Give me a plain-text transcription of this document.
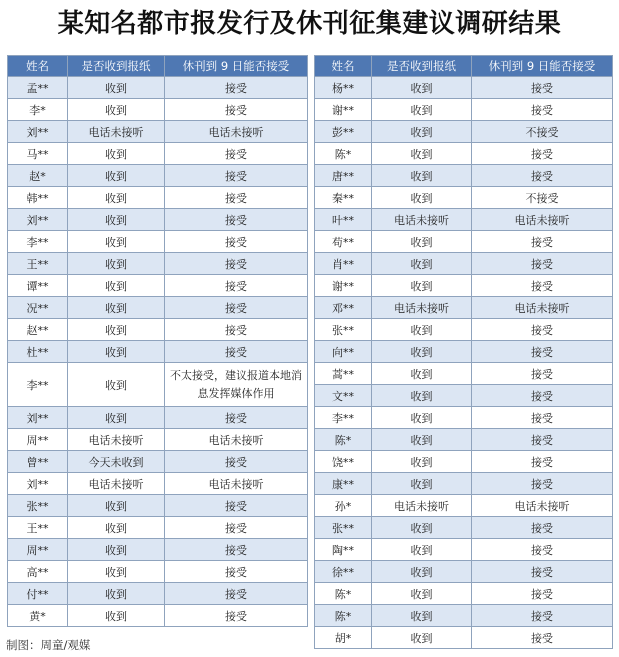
某知名都市报发行及休刊征集建议调研结果
姓名	是否收到报纸	休刊到 9 日能否接受
孟**	收到	接受
李*	收到	接受
刘**	电话未接听	电话未接听
马**	收到	接受
赵*	收到	接受
韩**	收到	接受
刘**	收到	接受
李**	收到	接受
王**	收到	接受
谭**	收到	接受
况**	收到	接受
赵**	收到	接受
杜**	收到	接受
李**	收到	不太接受，建议报道本地消息发挥媒体作用
刘**	收到	接受
周**	电话未接听	电话未接听
曾**	今天未收到	接受
刘**	电话未接听	电话未接听
张**	收到	接受
王**	收到	接受
周**	收到	接受
高**	收到	接受
付**	收到	接受
黄*	收到	接受
姓名	是否收到报纸	休刊到 9 日能否接受
杨**	收到	接受
谢**	收到	接受
彭**	收到	不接受
陈*	收到	接受
唐**	收到	接受
秦**	收到	不接受
叶**	电话未接听	电话未接听
苟**	收到	接受
肖**	收到	接受
谢**	收到	接受
邓**	电话未接听	电话未接听
张**	收到	接受
向**	收到	接受
蒿**	收到	接受
文**	收到	接受
李**	收到	接受
陈*	收到	接受
饶**	收到	接受
康**	收到	接受
孙*	电话未接听	电话未接听
张**	收到	接受
陶**	收到	接受
徐**	收到	接受
陈*	收到	接受
陈*	收到	接受
胡*	收到	接受
制图：周童/观媒
